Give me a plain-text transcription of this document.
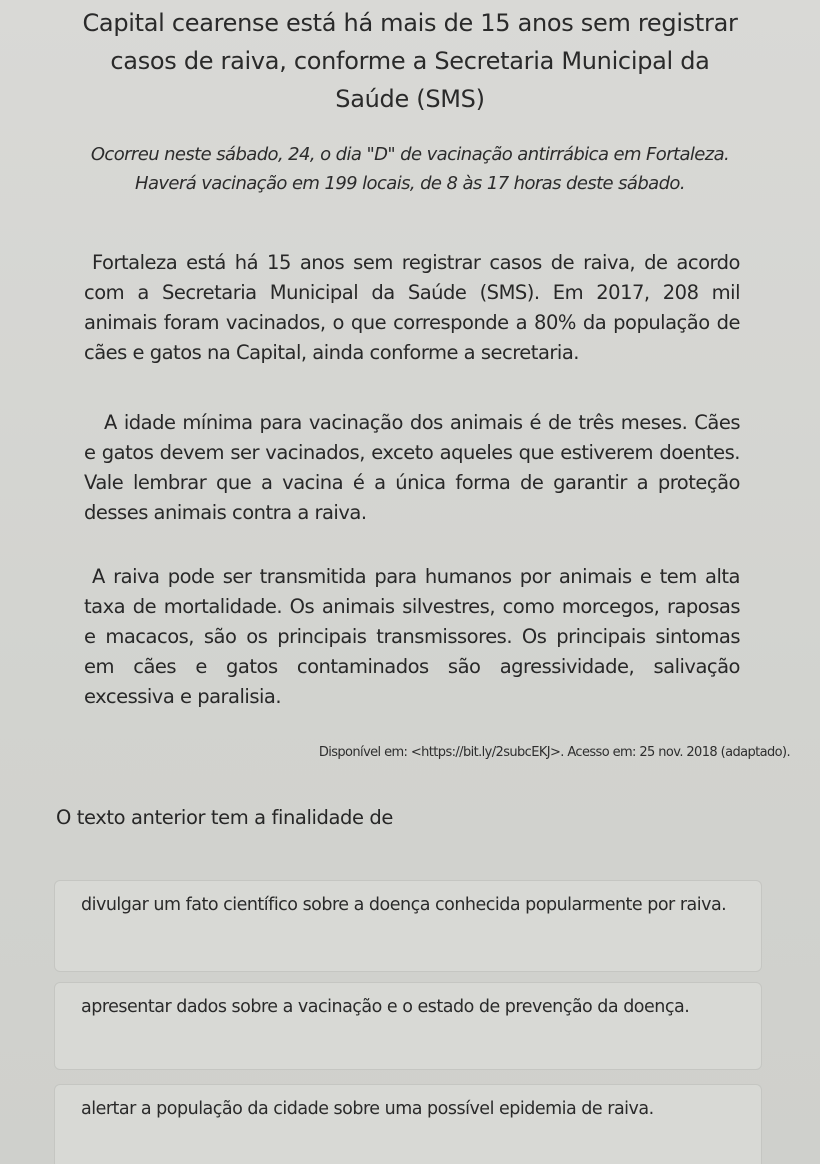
Capital cearense está há mais de 15 anos sem registrar casos de raiva, conforme a Secretaria Municipal da Saúde (SMS)
Ocorreu neste sábado, 24, o dia "D" de vacinação antirrábica em Fortaleza. Haverá vacinação em 199 locais, de 8 às 17 horas deste sábado.
Fortaleza está há 15 anos sem registrar casos de raiva, de acordo com a Secretaria Municipal da Saúde (SMS). Em 2017, 208 mil animais foram vacinados, o que corresponde a 80% da população de cães e gatos na Capital, ainda conforme a secretaria.
A idade mínima para vacinação dos animais é de três meses. Cães e gatos devem ser vacinados, exceto aqueles que estiverem doentes. Vale lembrar que a vacina é a única forma de garantir a proteção desses animais contra a raiva.
A raiva pode ser transmitida para humanos por animais e tem alta taxa de mortalidade. Os animais silvestres, como morcegos, raposas e macacos, são os principais transmissores. Os principais sintomas em cães e gatos contaminados são agressividade, salivação excessiva e paralisia.
Disponível em: <https://bit.ly/2subcEKJ>. Acesso em: 25 nov. 2018 (adaptado).
O texto anterior tem a finalidade de
divulgar um fato científico sobre a doença conhecida popularmente por raiva.
apresentar dados sobre a vacinação e o estado de prevenção da doença.
alertar a população da cidade sobre uma possível epidemia de raiva.
